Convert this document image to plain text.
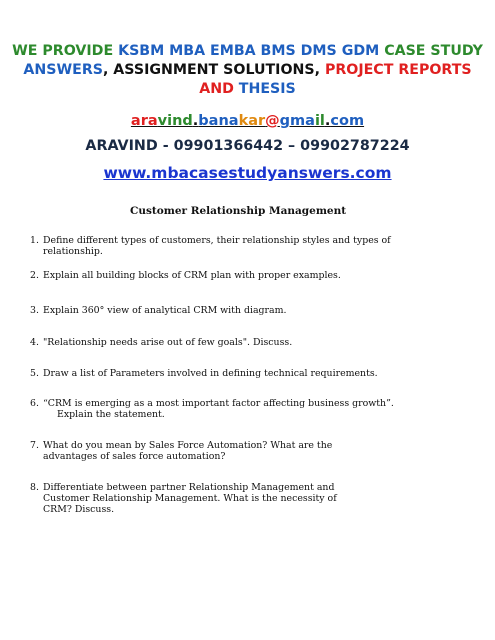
WE PROVIDE KSBM MBA EMBA BMS DMS GDM CASE STUDY
ANSWERS, ASSIGNMENT SOLUTIONS, PROJECT REPORTS
AND THESIS
aravind.banakar@gmail.com
ARAVIND - 09901366442 – 09902787224
www.mbacasestudyanswers.com
Customer Relationship Management
1. Define different types of customers, their relationship styles and types of relationship.
2. Explain all building blocks of CRM plan with proper examples.
3. Explain 360° view of analytical CRM with diagram.
4. "Relationship needs arise out of few goals". Discuss.
5. Draw a list of Parameters involved in defining technical requirements.
6. “CRM is emerging as a most important factor affecting business growth”.
Explain the statement.
7. What do you mean by Sales Force Automation? What are the
advantages of sales force automation?
8. Differentiate between partner Relationship Management and
Customer Relationship Management. What is the necessity of
CRM? Discuss.
